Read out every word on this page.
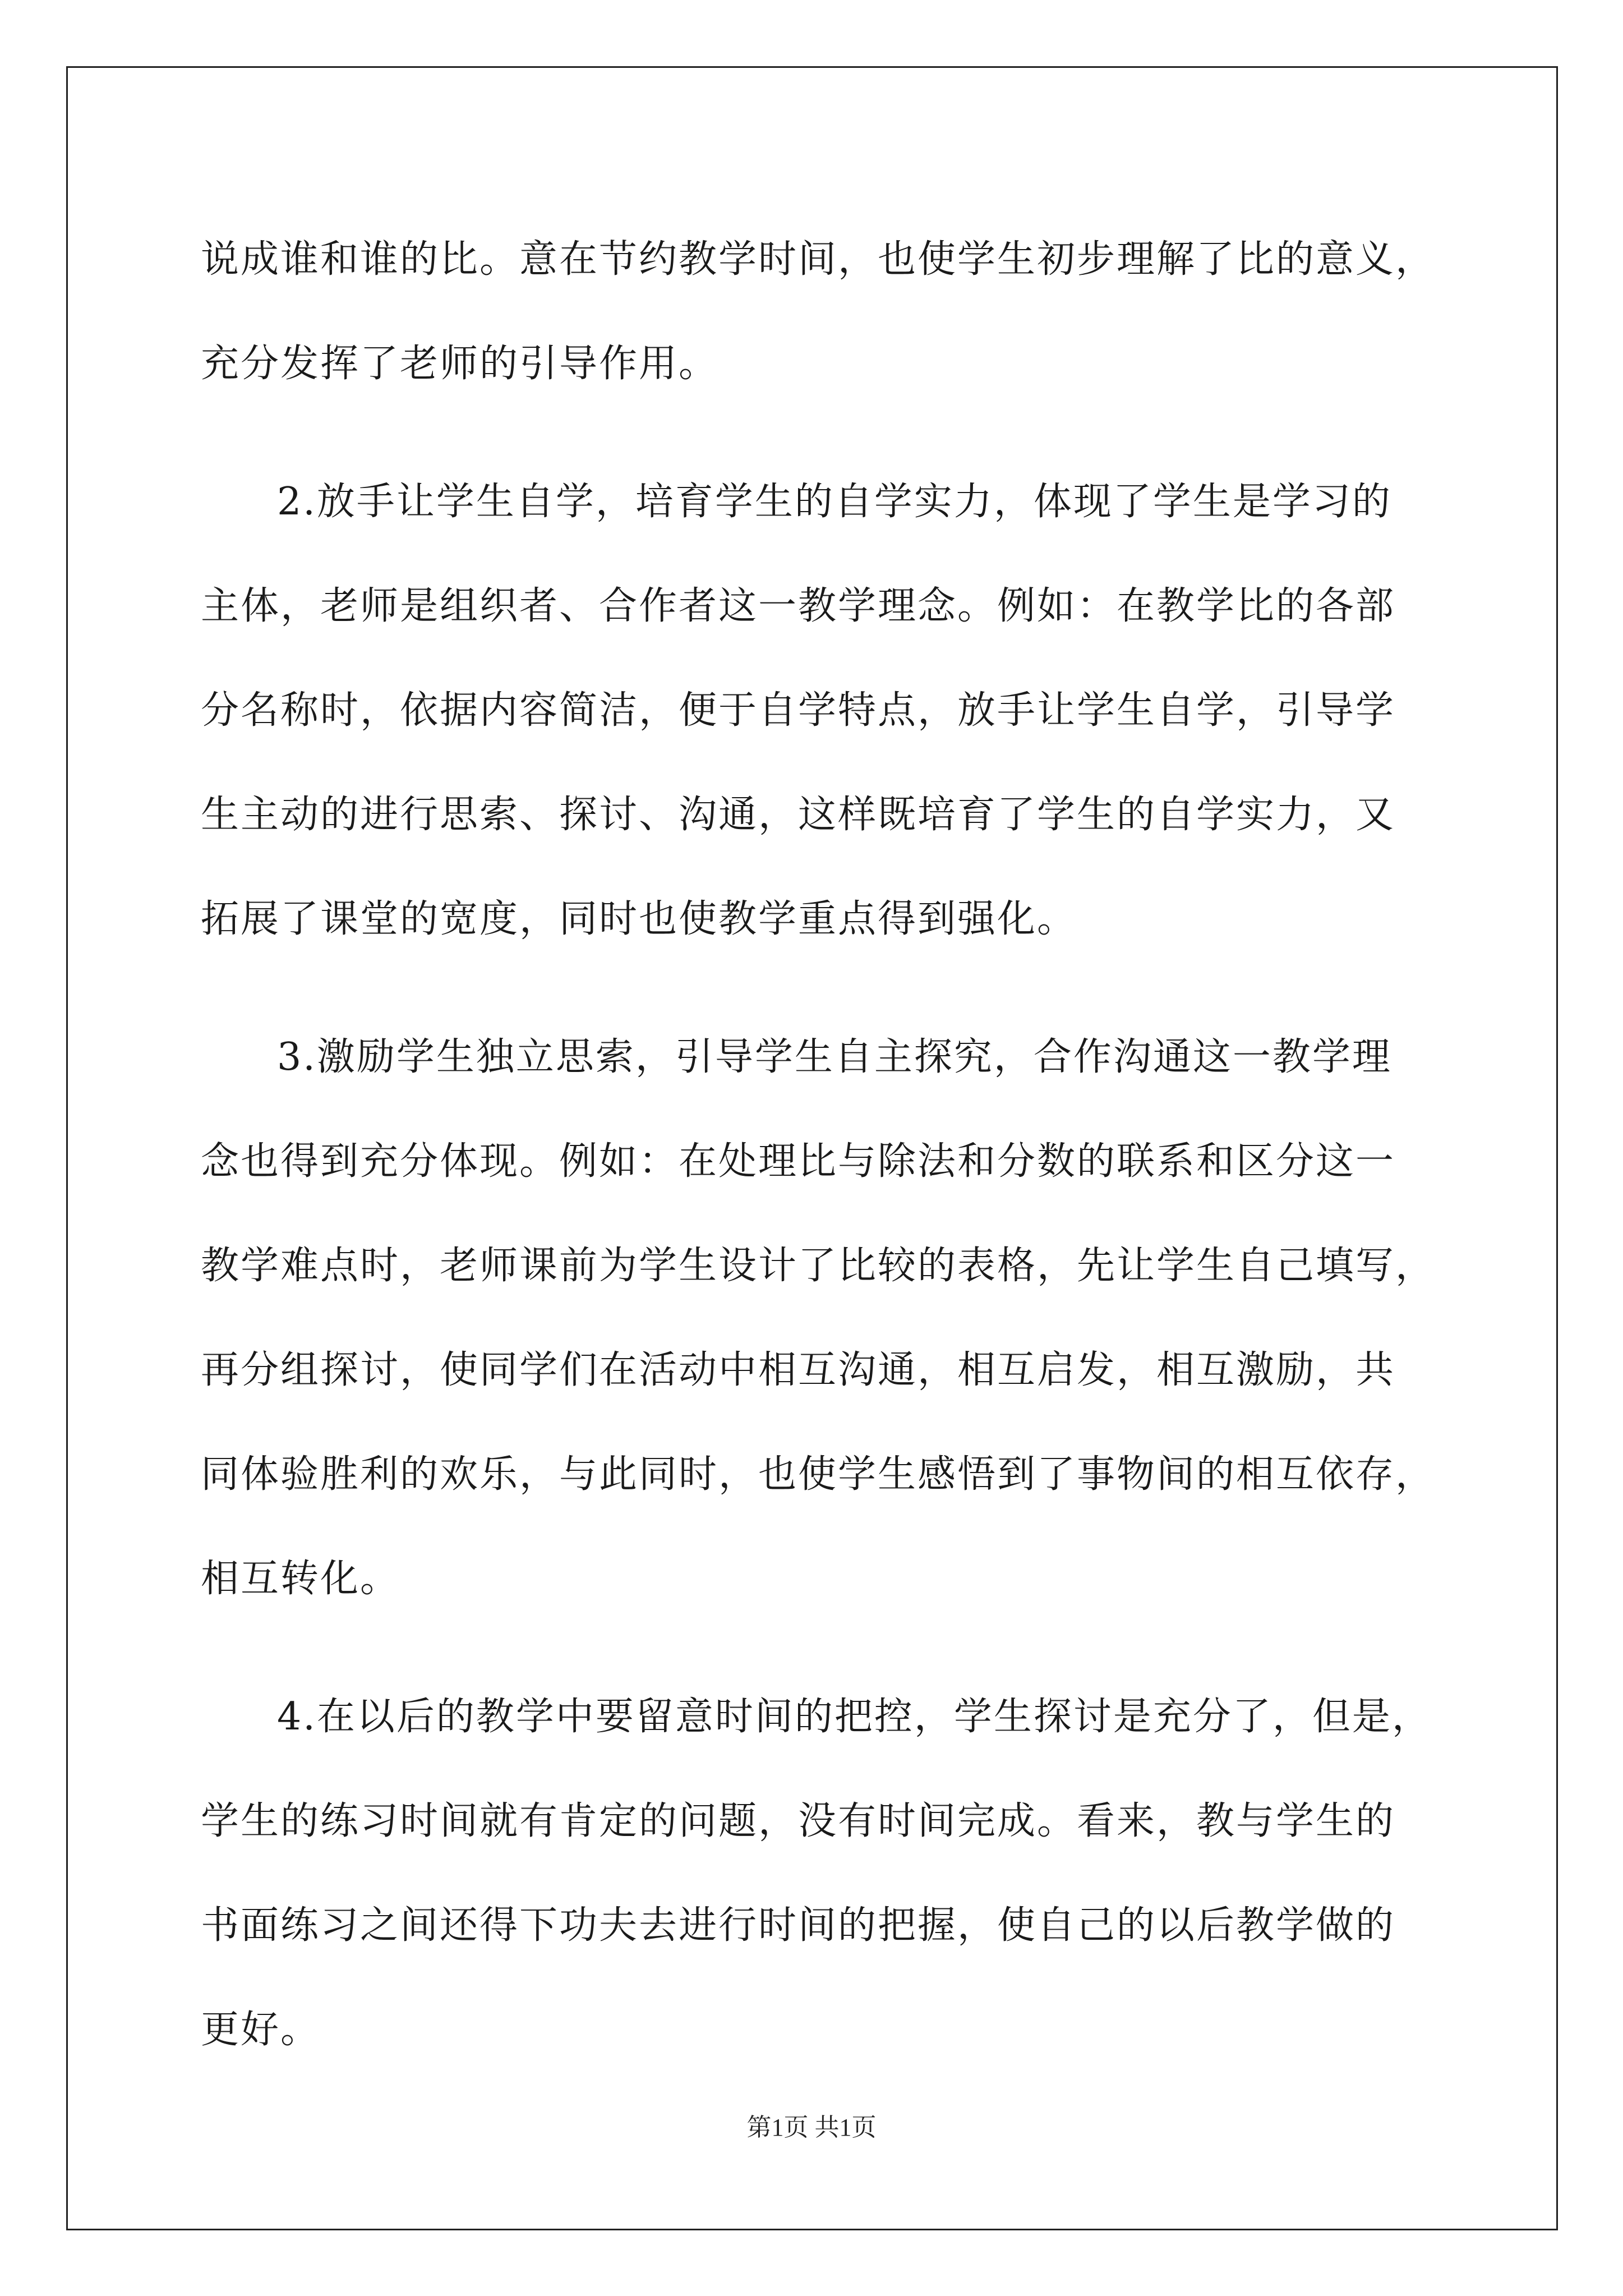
说成谁和谁的比。意在节约教学时间，也使学生初步理解了比的意义，
充分发挥了老师的引导作用。
2.放手让学生自学，培育学生的自学实力，体现了学生是学习的
主体，老师是组织者、合作者这一教学理念。例如：在教学比的各部
分名称时，依据内容简洁，便于自学特点，放手让学生自学，引导学
生主动的进行思索、探讨、沟通，这样既培育了学生的自学实力，又
拓展了课堂的宽度，同时也使教学重点得到强化。
3.激励学生独立思索，引导学生自主探究，合作沟通这一教学理
念也得到充分体现。例如：在处理比与除法和分数的联系和区分这一
教学难点时，老师课前为学生设计了比较的表格，先让学生自己填写，
再分组探讨，使同学们在活动中相互沟通，相互启发，相互激励，共
同体验胜利的欢乐，与此同时，也使学生感悟到了事物间的相互依存，
相互转化。
4.在以后的教学中要留意时间的把控，学生探讨是充分了，但是，
学生的练习时间就有肯定的问题，没有时间完成。看来，教与学生的
书面练习之间还得下功夫去进行时间的把握，使自己的以后教学做的
更好。
第1页 共1页
